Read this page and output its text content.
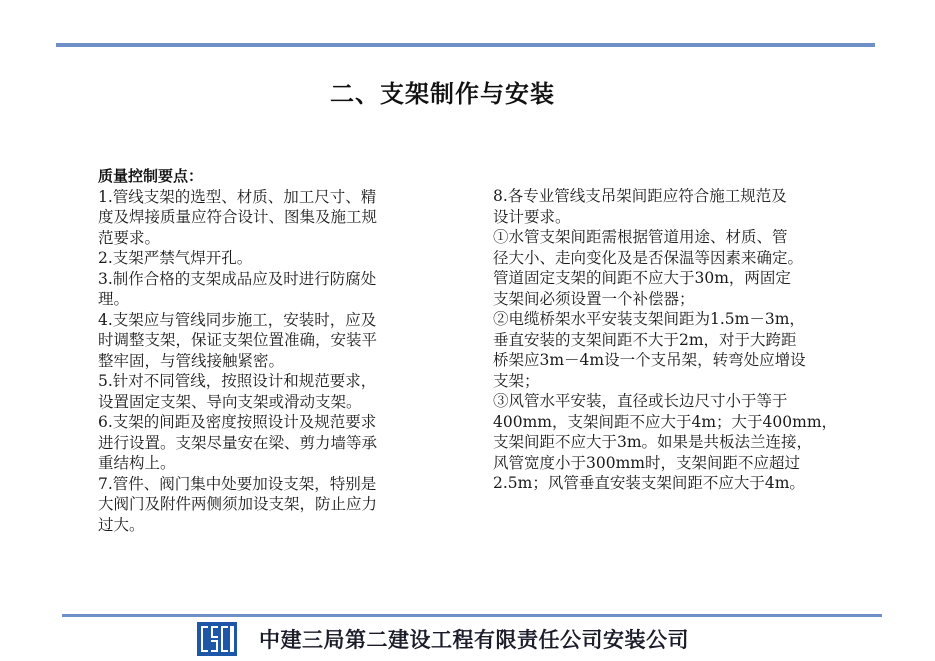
二、支架制作与安装
质量控制要点：
1.管线支架的选型、材质、加工尺寸、精
度及焊接质量应符合设计、图集及施工规
范要求。
2.支架严禁气焊开孔。
3.制作合格的支架成品应及时进行防腐处
理。
4.支架应与管线同步施工，安装时，应及
时调整支架，保证支架位置准确，安装平
整牢固，与管线接触紧密。
5.针对不同管线，按照设计和规范要求，
设置固定支架、导向支架或滑动支架。
6.支架的间距及密度按照设计及规范要求
进行设置。支架尽量安在梁、剪力墙等承
重结构上。
7.管件、阀门集中处要加设支架，特别是
大阀门及附件两侧须加设支架，防止应力
过大。
8.各专业管线支吊架间距应符合施工规范及
设计要求。
①水管支架间距需根据管道用途、材质、管
径大小、走向变化及是否保温等因素来确定。
管道固定支架的间距不应大于30m，两固定
支架间必须设置一个补偿器；
②电缆桥架水平安装支架间距为1.5m－3m，
垂直安装的支架间距不大于2m，对于大跨距
桥架应3m－4m设一个支吊架，转弯处应增设
支架；
③风管水平安装，直径或长边尺寸小于等于
400mm，支架间距不应大于4m；大于400mm，
支架间距不应大于3m。如果是共板法兰连接，
风管宽度小于300mm时，支架间距不应超过
2.5m；风管垂直安装支架间距不应大于4m。
中建三局第二建设工程有限责任公司安装公司
